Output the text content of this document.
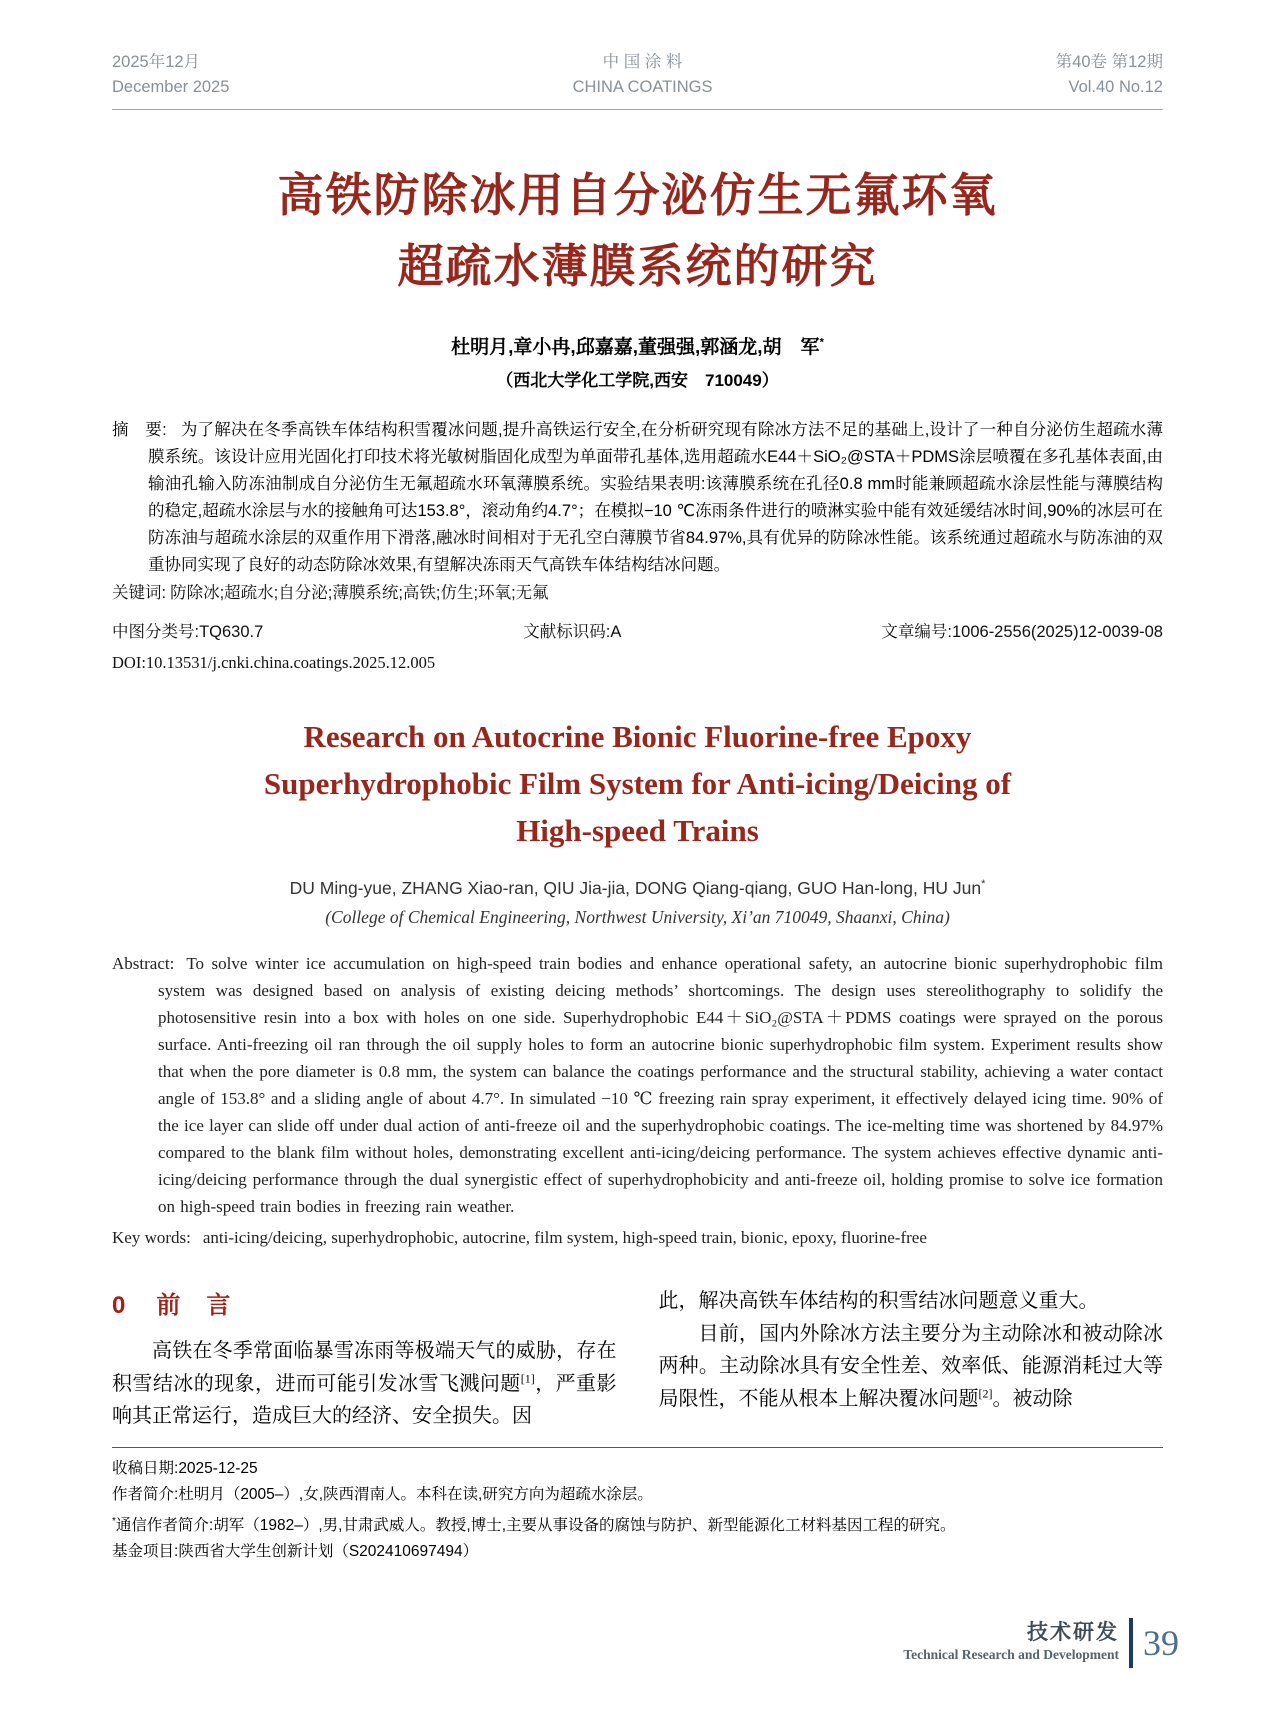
2025年12月
December 2025
中 国 涂 料
CHINA COATINGS
第40卷 第12期
Vol.40 No.12
高铁防除冰用自分泌仿生无氟环氧
超疏水薄膜系统的研究
杜明月,章小冉,邱嘉嘉,董强强,郭涵龙,胡　军*
（西北大学化工学院,西安　710049）
摘　要: 为了解决在冬季高铁车体结构积雪覆冰问题,提升高铁运行安全,在分析研究现有除冰方法不足的基础上,设计了一种自分泌仿生超疏水薄膜系统。该设计应用光固化打印技术将光敏树脂固化成型为单面带孔基体,选用超疏水E44＋SiO₂@STA＋PDMS涂层喷覆在多孔基体表面,由输油孔输入防冻油制成自分泌仿生无氟超疏水环氧薄膜系统。实验结果表明:该薄膜系统在孔径0.8 mm时能兼顾超疏水涂层性能与薄膜结构的稳定,超疏水涂层与水的接触角可达153.8°，滚动角约4.7°；在模拟−10 ℃冻雨条件进行的喷淋实验中能有效延缓结冰时间,90%的冰层可在防冻油与超疏水涂层的双重作用下滑落,融冰时间相对于无孔空白薄膜节省84.97%,具有优异的防除冰性能。该系统通过超疏水与防冻油的双重协同实现了良好的动态防除冰效果,有望解决冻雨天气高铁车体结构结冰问题。
关键词: 防除冰;超疏水;自分泌;薄膜系统;高铁;仿生;环氧;无氟
中图分类号:TQ630.7	文献标识码:A	文章编号:1006-2556(2025)12-0039-08
DOI:10.13531/j.cnki.china.coatings.2025.12.005
Research on Autocrine Bionic Fluorine-free Epoxy
Superhydrophobic Film System for Anti-icing/Deicing of
High-speed Trains
DU Ming-yue, ZHANG Xiao-ran, QIU Jia-jia, DONG Qiang-qiang, GUO Han-long, HU Jun*
(College of Chemical Engineering, Northwest University, Xi’an 710049, Shaanxi, China)
Abstract: To solve winter ice accumulation on high-speed train bodies and enhance operational safety, an autocrine bionic superhydrophobic film system was designed based on analysis of existing deicing methods’ shortcomings. The design uses stereolithography to solidify the photosensitive resin into a box with holes on one side. Superhydrophobic E44＋SiO₂@STA＋PDMS coatings were sprayed on the porous surface. Anti-freezing oil ran through the oil supply holes to form an autocrine bionic superhydrophobic film system. Experiment results show that when the pore diameter is 0.8 mm, the system can balance the coatings performance and the structural stability, achieving a water contact angle of 153.8° and a sliding angle of about 4.7°. In simulated −10 ℃ freezing rain spray experiment, it effectively delayed icing time. 90% of the ice layer can slide off under dual action of anti-freeze oil and the superhydrophobic coatings. The ice-melting time was shortened by 84.97% compared to the blank film without holes, demonstrating excellent anti-icing/deicing performance. The system achieves effective dynamic anti-icing/deicing performance through the dual synergistic effect of superhydrophobicity and anti-freeze oil, holding promise to solve ice formation on high-speed train bodies in freezing rain weather.
Key words: anti-icing/deicing, superhydrophobic, autocrine, film system, high-speed train, bionic, epoxy, fluorine-free
0 前　言

高铁在冬季常面临暴雪冻雨等极端天气的威胁，存在积雪结冰的现象，进而可能引发冰雪飞溅问题[1]，严重影响其正常运行，造成巨大的经济、安全损失。因

此，解决高铁车体结构的积雪结冰问题意义重大。

目前，国内外除冰方法主要分为主动除冰和被动除冰两种。主动除冰具有安全性差、效率低、能源消耗过大等局限性，不能从根本上解决覆冰问题[2]。被动除

收稿日期:2025-12-25
作者简介:杜明月（2005–）,女,陕西渭南人。本科在读,研究方向为超疏水涂层。
*通信作者简介:胡军（1982–）,男,甘肃武威人。教授,博士,主要从事设备的腐蚀与防护、新型能源化工材料基因工程的研究。
基金项目:陕西省大学生创新计划（S202410697494）
技术研发
Technical Research and Development 39
